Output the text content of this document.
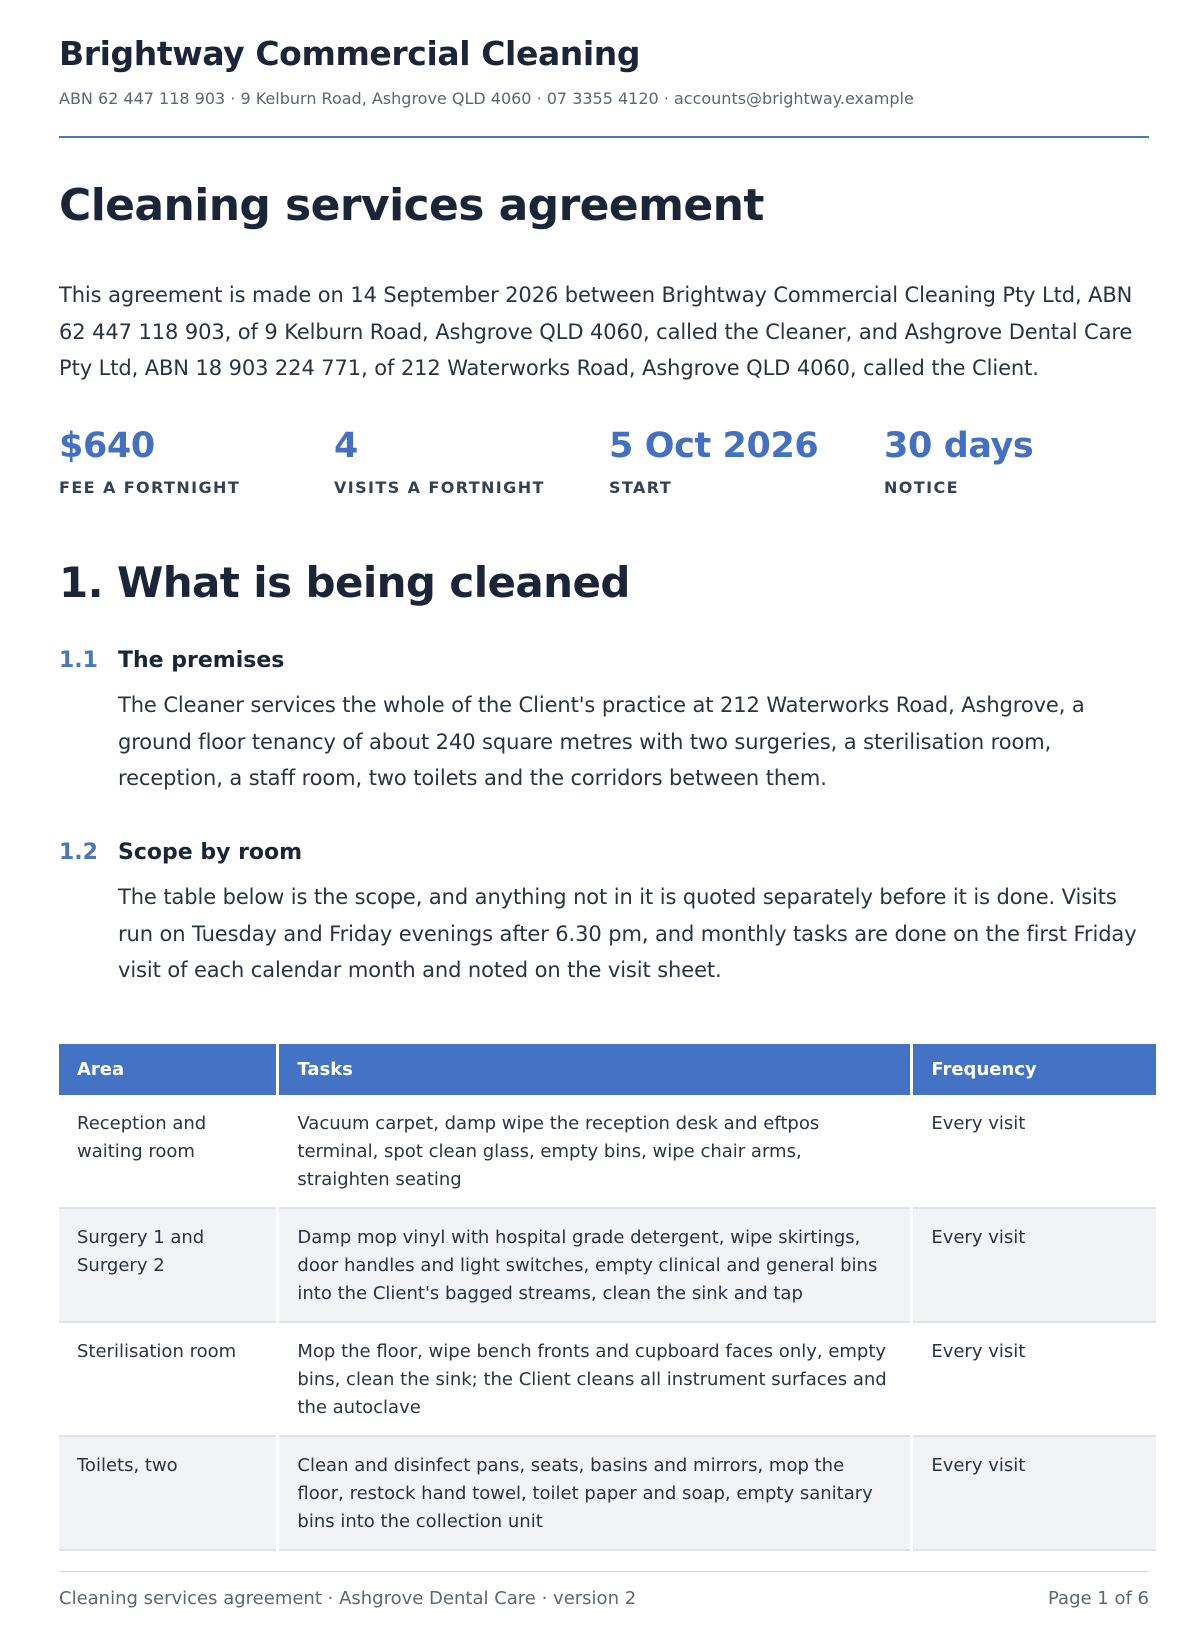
Brightway Commercial Cleaning
ABN 62 447 118 903 · 9 Kelburn Road, Ashgrove QLD 4060 · 07 3355 4120 · accounts@brightway.example
Cleaning services agreement
This agreement is made on 14 September 2026 between Brightway Commercial Cleaning Pty Ltd, ABN 62 447 118 903, of 9 Kelburn Road, Ashgrove QLD 4060, called the Cleaner, and Ashgrove Dental Care Pty Ltd, ABN 18 903 224 771, of 212 Waterworks Road, Ashgrove QLD 4060, called the Client.
$640
FEE A FORTNIGHT
4
VISITS A FORTNIGHT
5 Oct 2026
START
30 days
NOTICE
1. What is being cleaned
1.1 The premises
The Cleaner services the whole of the Client's practice at 212 Waterworks Road, Ashgrove, a ground floor tenancy of about 240 square metres with two surgeries, a sterilisation room, reception, a staff room, two toilets and the corridors between them.
1.2 Scope by room
The table below is the scope, and anything not in it is quoted separately before it is done. Visits run on Tuesday and Friday evenings after 6.30 pm, and monthly tasks are done on the first Friday visit of each calendar month and noted on the visit sheet.
Area	Tasks	Frequency
Reception and waiting room	Vacuum carpet, damp wipe the reception desk and eftpos terminal, spot clean glass, empty bins, wipe chair arms, straighten seating	Every visit
Surgery 1 and Surgery 2	Damp mop vinyl with hospital grade detergent, wipe skirtings, door handles and light switches, empty clinical and general bins into the Client's bagged streams, clean the sink and tap	Every visit
Sterilisation room	Mop the floor, wipe bench fronts and cupboard faces only, empty bins, clean the sink; the Client cleans all instrument surfaces and the autoclave	Every visit
Toilets, two	Clean and disinfect pans, seats, basins and mirrors, mop the floor, restock hand towel, toilet paper and soap, empty sanitary bins into the collection unit	Every visit
Cleaning services agreement · Ashgrove Dental Care · version 2	Page 1 of 6
